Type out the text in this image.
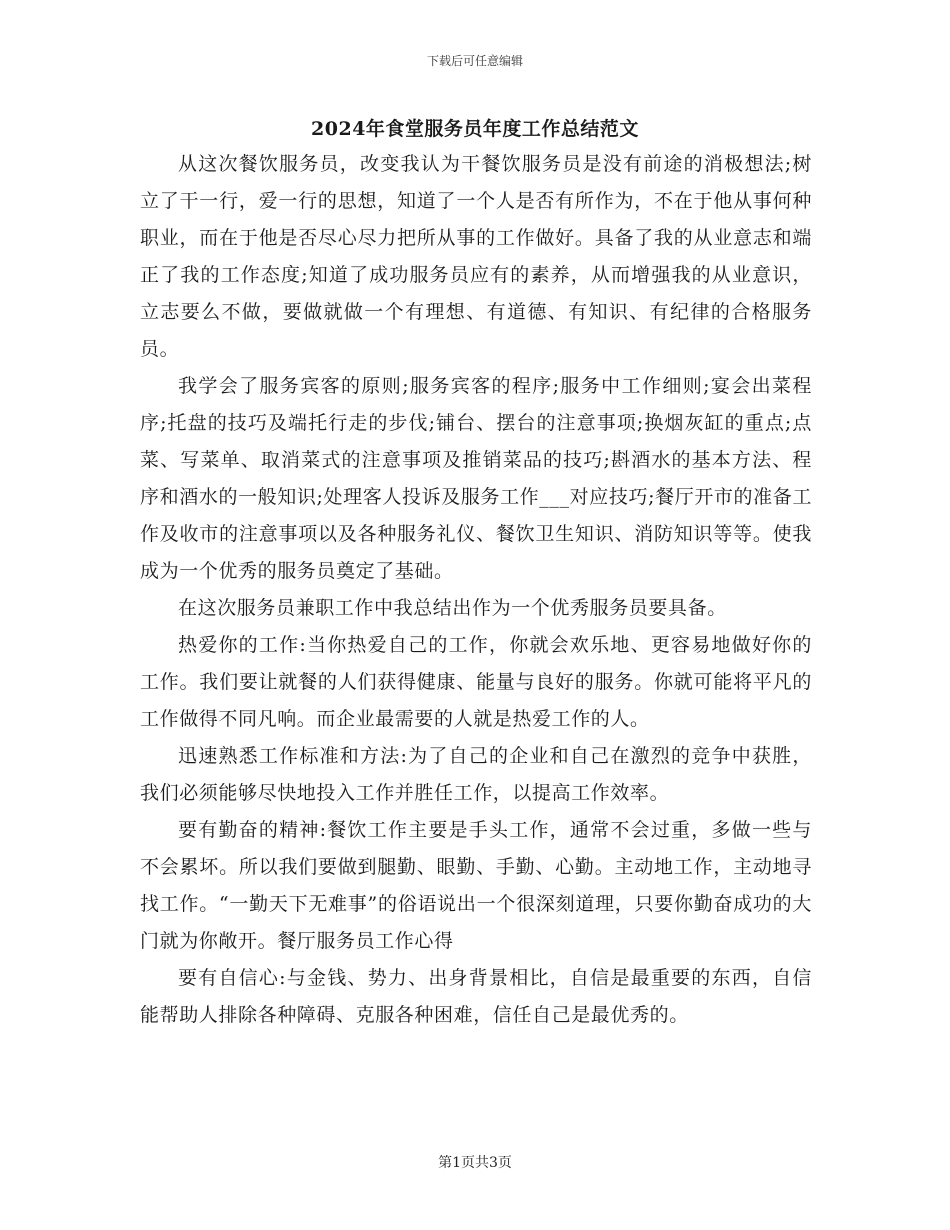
下载后可任意编辑
2024年食堂服务员年度工作总结范文

从这次餐饮服务员，改变我认为干餐饮服务员是没有前途的消极想法;树立了干一行，爱一行的思想，知道了一个人是否有所作为，不在于他从事何种职业，而在于他是否尽心尽力把所从事的工作做好。具备了我的从业意志和端正了我的工作态度;知道了成功服务员应有的素养，从而增强我的从业意识，立志要么不做，要做就做一个有理想、有道德、有知识、有纪律的合格服务员。

我学会了服务宾客的原则;服务宾客的程序;服务中工作细则;宴会出菜程序;托盘的技巧及端托行走的步伐;铺台、摆台的注意事项;换烟灰缸的重点;点菜、写菜单、取消菜式的注意事项及推销菜品的技巧;斟酒水的基本方法、程序和酒水的一般知识;处理客人投诉及服务工作___对应技巧;餐厅开市的准备工作及收市的注意事项以及各种服务礼仪、餐饮卫生知识、消防知识等等。使我成为一个优秀的服务员奠定了基础。

在这次服务员兼职工作中我总结出作为一个优秀服务员要具备。

热爱你的工作:当你热爱自己的工作，你就会欢乐地、更容易地做好你的工作。我们要让就餐的人们获得健康、能量与良好的服务。你就可能将平凡的工作做得不同凡响。而企业最需要的人就是热爱工作的人。

迅速熟悉工作标准和方法:为了自己的企业和自己在激烈的竞争中获胜，我们必须能够尽快地投入工作并胜任工作，以提高工作效率。

要有勤奋的精神:餐饮工作主要是手头工作，通常不会过重，多做一些与不会累坏。所以我们要做到腿勤、眼勤、手勤、心勤。主动地工作，主动地寻找工作。“一勤天下无难事”的俗语说出一个很深刻道理，只要你勤奋成功的大门就为你敞开。餐厅服务员工作心得

要有自信心:与金钱、势力、出身背景相比，自信是最重要的东西，自信能帮助人排除各种障碍、克服各种困难，信任自己是最优秀的。

第1页共3页
